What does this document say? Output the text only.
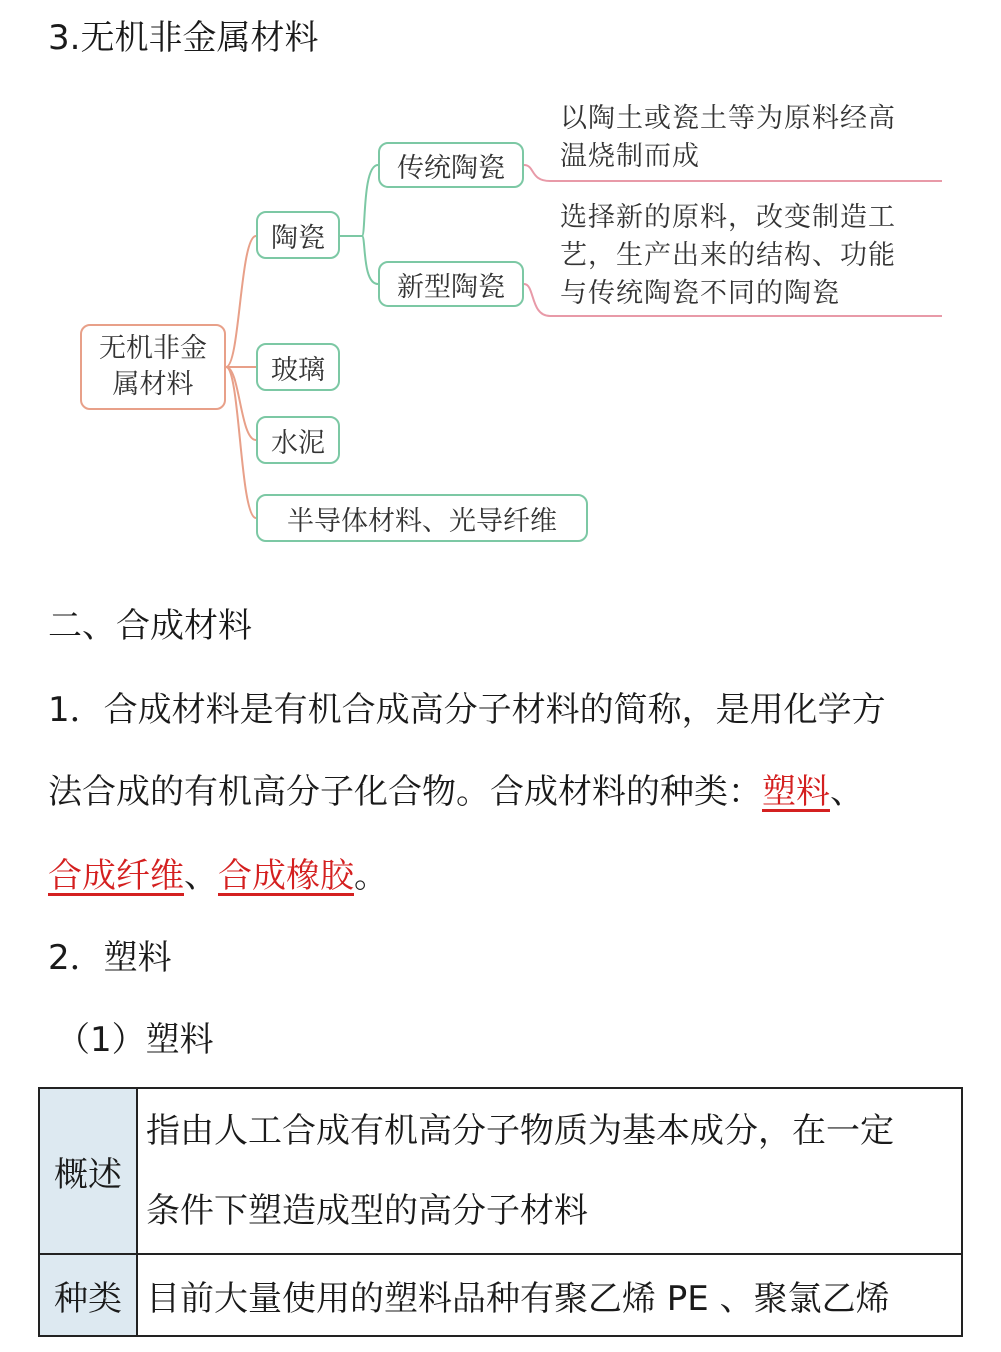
3.无机非金属材料
无机非金
属材料
陶瓷
传统陶瓷
新型陶瓷
玻璃
水泥
半导体材料、光导纤维
以陶土或瓷土等为原料经高
温烧制而成
选择新的原料，改变制造工
艺，生产出来的结构、功能
与传统陶瓷不同的陶瓷
二、合成材料
1．合成材料是有机合成高分子材料的简称，是用化学方
法合成的有机高分子化合物。合成材料的种类：塑料、
合成纤维、合成橡胶。
2．塑料
（1）塑料
概述	指由人工合成有机高分子物质为基本成分，在一定
条件下塑造成型的高分子材料

种类	目前大量使用的塑料品种有聚乙烯 PE 、聚氯乙烯
